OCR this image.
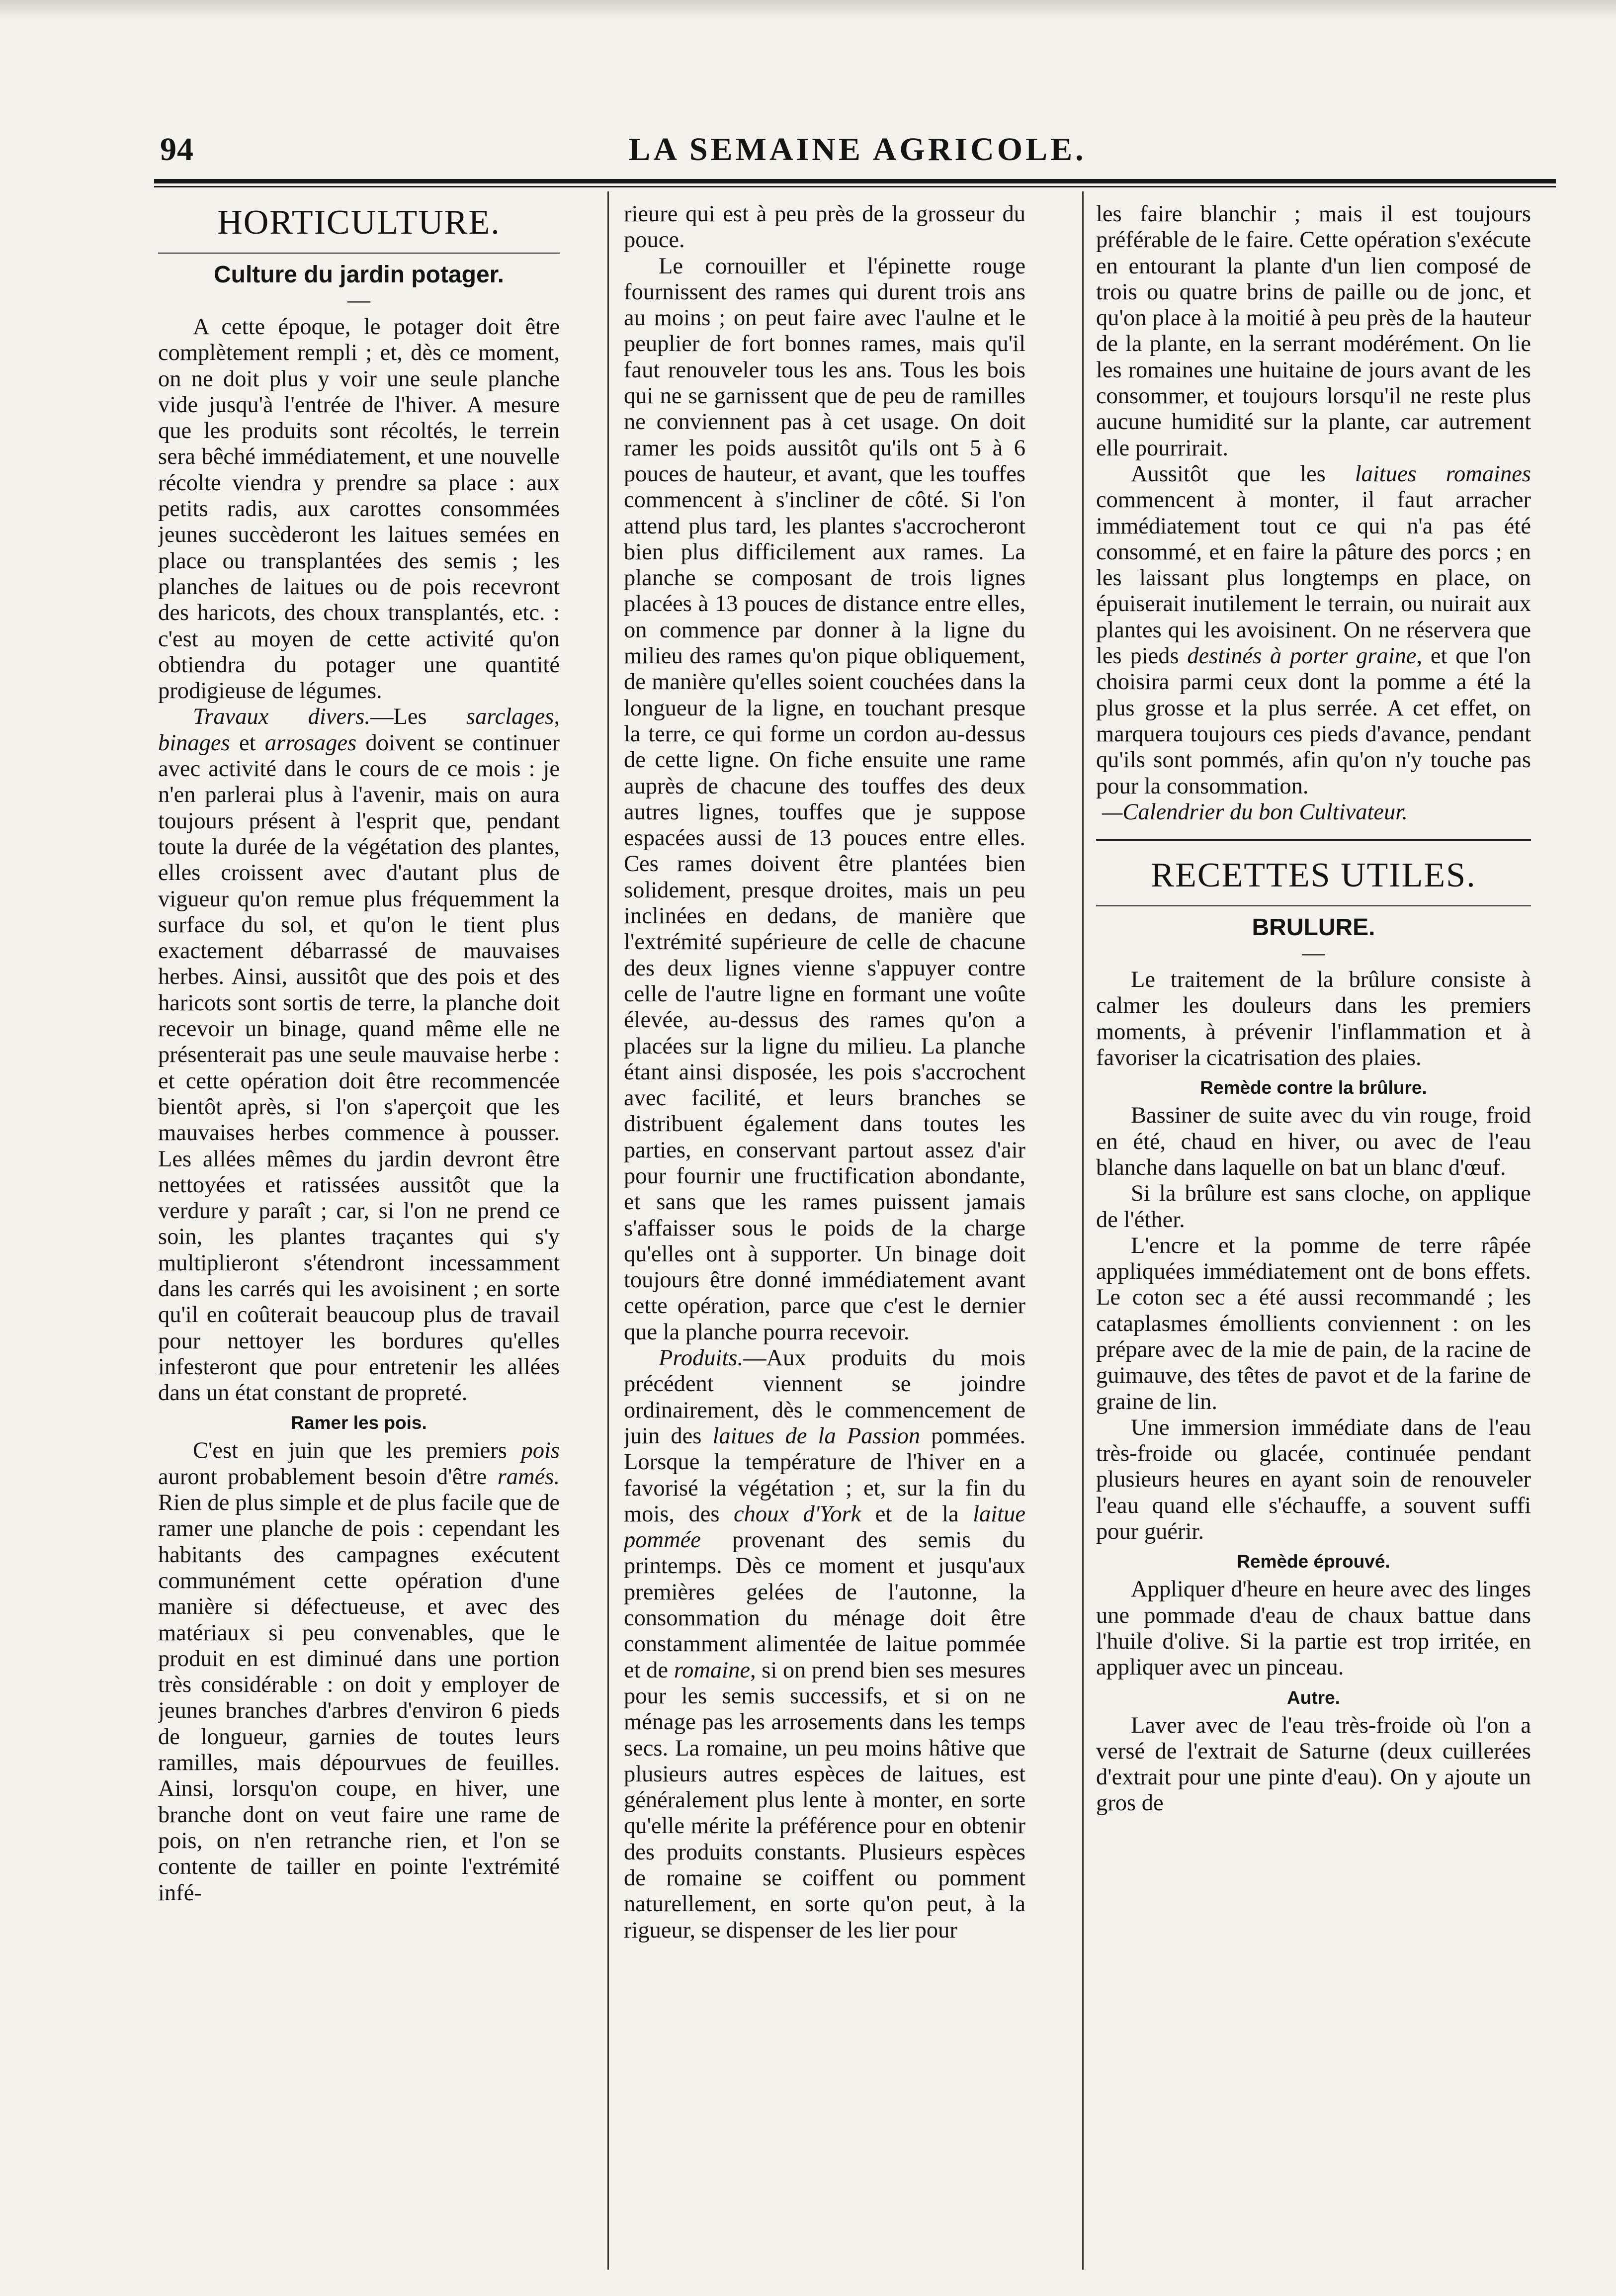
94	LA SEMAINE AGRICOLE.
HORTICULTURE.
Culture du jardin potager.
—

A cette époque, le potager doit être complètement rempli ; et, dès ce moment, on ne doit plus y voir une seule planche vide jusqu'à l'entrée de l'hiver. A mesure que les produits sont récoltés, le terrein sera bêché immédiatement, et une nouvelle récolte viendra y prendre sa place : aux petits radis, aux carottes consommées jeunes succèderont les laitues semées en place ou transplantées des semis ; les planches de laitues ou de pois recevront des haricots, des choux transplantés, etc. : c'est au moyen de cette activité qu'on obtiendra du potager une quantité prodigieuse de légumes.

Travaux divers.—Les sarclages, binages et arrosages doivent se continuer avec activité dans le cours de ce mois : je n'en parlerai plus à l'avenir, mais on aura toujours présent à l'esprit que, pendant toute la durée de la végétation des plantes, elles croissent avec d'autant plus de vigueur qu'on remue plus fréquemment la surface du sol, et qu'on le tient plus exactement débarrassé de mauvaises herbes. Ainsi, aussitôt que des pois et des haricots sont sortis de terre, la planche doit recevoir un binage, quand même elle ne présenterait pas une seule mauvaise herbe : et cette opération doit être recommencée bientôt après, si l'on s'aperçoit que les mauvaises herbes commence à pousser. Les allées mêmes du jardin devront être nettoyées et ratissées aussitôt que la verdure y paraît ; car, si l'on ne prend ce soin, les plantes traçantes qui s'y multiplieront s'étendront incessamment dans les carrés qui les avoisinent ; en sorte qu'il en coûterait beaucoup plus de travail pour nettoyer les bordures qu'elles infesteront que pour entretenir les allées dans un état constant de propreté.

Ramer les pois.

C'est en juin que les premiers pois auront probablement besoin d'être ramés. Rien de plus simple et de plus facile que de ramer une planche de pois : cependant les habitants des campagnes exécutent communément cette opération d'une manière si défectueuse, et avec des matériaux si peu convenables, que le produit en est diminué dans une portion très considérable : on doit y employer de jeunes branches d'arbres d'environ 6 pieds de longueur, garnies de toutes leurs ramilles, mais dépourvues de feuilles. Ainsi, lorsqu'on coupe, en hiver, une branche dont on veut faire une rame de pois, on n'en retranche rien, et l'on se contente de tailler en pointe l'extrémité infé-

rieure qui est à peu près de la grosseur du pouce.

Le cornouiller et l'épinette rouge fournissent des rames qui durent trois ans au moins ; on peut faire avec l'aulne et le peuplier de fort bonnes rames, mais qu'il faut renouveler tous les ans. Tous les bois qui ne se garnissent que de peu de ramilles ne conviennent pas à cet usage. On doit ramer les poids aussitôt qu'ils ont 5 à 6 pouces de hauteur, et avant, que les touffes commencent à s'incliner de côté. Si l'on attend plus tard, les plantes s'accrocheront bien plus difficilement aux rames. La planche se composant de trois lignes placées à 13 pouces de distance entre elles, on commence par donner à la ligne du milieu des rames qu'on pique obliquement, de manière qu'elles soient couchées dans la longueur de la ligne, en touchant presque la terre, ce qui forme un cordon au-dessus de cette ligne. On fiche ensuite une rame auprès de chacune des touffes des deux autres lignes, touffes que je suppose espacées aussi de 13 pouces entre elles. Ces rames doivent être plantées bien solidement, presque droites, mais un peu inclinées en dedans, de manière que l'extrémité supérieure de celle de chacune des deux lignes vienne s'appuyer contre celle de l'autre ligne en formant une voûte élevée, au-dessus des rames qu'on a placées sur la ligne du milieu. La planche étant ainsi disposée, les pois s'accrochent avec facilité, et leurs branches se distribuent également dans toutes les parties, en conservant partout assez d'air pour fournir une fructification abondante, et sans que les rames puissent jamais s'affaisser sous le poids de la charge qu'elles ont à supporter. Un binage doit toujours être donné immédiatement avant cette opération, parce que c'est le dernier que la planche pourra recevoir.

Produits.—Aux produits du mois précédent viennent se joindre ordinairement, dès le commencement de juin des laitues de la Passion pommées. Lorsque la température de l'hiver en a favorisé la végétation ; et, sur la fin du mois, des choux d'York et de la laitue pommée provenant des semis du printemps. Dès ce moment et jusqu'aux premières gelées de l'autonne, la consommation du ménage doit être constamment alimentée de laitue pommée et de romaine, si on prend bien ses mesures pour les semis successifs, et si on ne ménage pas les arrosements dans les temps secs. La romaine, un peu moins hâtive que plusieurs autres espèces de laitues, est généralement plus lente à monter, en sorte qu'elle mérite la préférence pour en obtenir des produits constants. Plusieurs espèces de romaine se coiffent ou pomment naturellement, en sorte qu'on peut, à la rigueur, se dispenser de les lier pour

les faire blanchir ; mais il est toujours préférable de le faire. Cette opération s'exécute en entourant la plante d'un lien composé de trois ou quatre brins de paille ou de jonc, et qu'on place à la moitié à peu près de la hauteur de la plante, en la serrant modérément. On lie les romaines une huitaine de jours avant de les consommer, et toujours lorsqu'il ne reste plus aucune humidité sur la plante, car autrement elle pourrirait.

Aussitôt que les laitues romaines commencent à monter, il faut arracher immédiatement tout ce qui n'a pas été consommé, et en faire la pâture des porcs ; en les laissant plus longtemps en place, on épuiserait inutilement le terrain, ou nuirait aux plantes qui les avoisinent. On ne réservera que les pieds destinés à porter graine, et que l'on choisira parmi ceux dont la pomme a été la plus grosse et la plus serrée. A cet effet, on marquera toujours ces pieds d'avance, pendant qu'ils sont pommés, afin qu'on n'y touche pas pour la consommation.

—Calendrier du bon Cultivateur.

RECETTES UTILES.
BRULURE.
—

Le traitement de la brûlure consiste à calmer les douleurs dans les premiers moments, à prévenir l'inflammation et à favoriser la cicatrisation des plaies.

Remède contre la brûlure.

Bassiner de suite avec du vin rouge, froid en été, chaud en hiver, ou avec de l'eau blanche dans laquelle on bat un blanc d'œuf.

Si la brûlure est sans cloche, on applique de l'éther.

L'encre et la pomme de terre râpée appliquées immédiatement ont de bons effets. Le coton sec a été aussi recommandé ; les cataplasmes émollients conviennent : on les prépare avec de la mie de pain, de la racine de guimauve, des têtes de pavot et de la farine de graine de lin.

Une immersion immédiate dans de l'eau très-froide ou glacée, continuée pendant plusieurs heures en ayant soin de renouveler l'eau quand elle s'échauffe, a souvent suffi pour guérir.

Remède éprouvé.

Appliquer d'heure en heure avec des linges une pommade d'eau de chaux battue dans l'huile d'olive. Si la partie est trop irritée, en appliquer avec un pinceau.

Autre.

Laver avec de l'eau très-froide où l'on a versé de l'extrait de Saturne (deux cuillerées d'extrait pour une pinte d'eau). On y ajoute un gros de
